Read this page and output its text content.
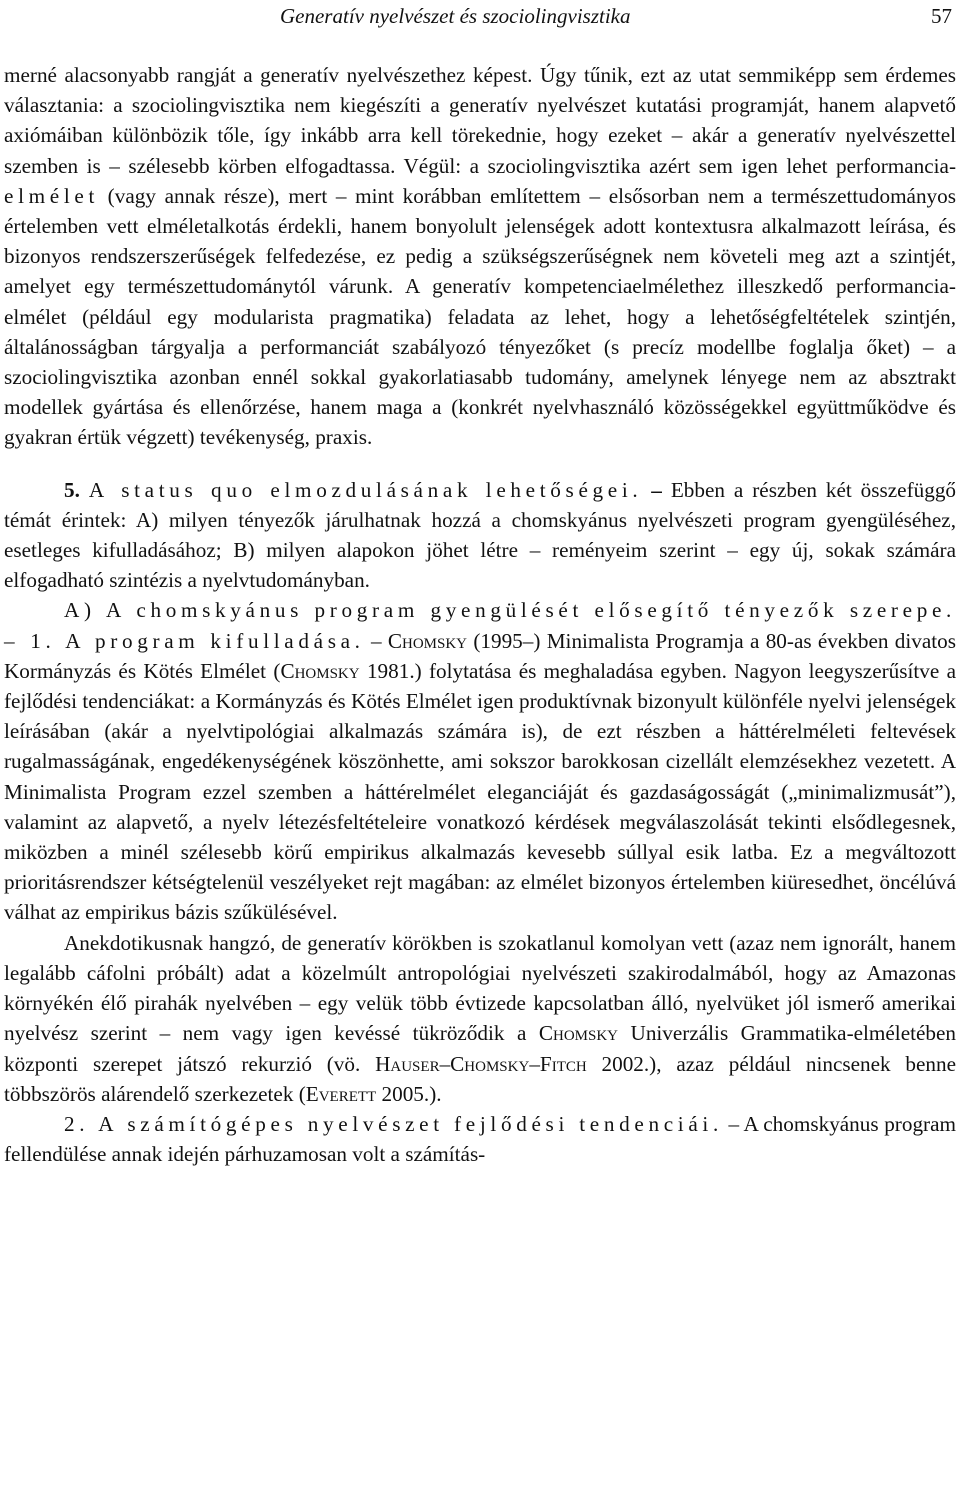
Generatív nyelvészet és szociolingvisztika	57

merné alacsonyabb rangját a generatív nyelvészethez képest. Úgy tűnik, ezt az utat semmiképp sem érdemes választania: a szociolingvisztika nem kiegészíti a generatív nyelvészet kutatási programját, hanem alapvető axiómáiban különbözik tőle, így inkább arra kell törekednie, hogy ezeket – akár a generatív nyelvészettel szemben is – szélesebb körben elfogadtassa. Végül: a szociolingvisztika azért sem igen lehet performancia-elmélet (vagy annak része), mert – mint korábban említettem – elsősorban nem a természettudományos értelemben vett elméletalkotás érdekli, hanem bonyolult jelenségek adott kontextusra alkalmazott leírása, és bizonyos rendszerszerűségek felfedezése, ez pedig a szükségszerűségnek nem követeli meg azt a szintjét, amelyet egy természettudománytól várunk. A generatív kompetenciaelmélethez illeszkedő performancia-elmélet (például egy modularista pragmatika) feladata az lehet, hogy a lehetőségfeltételek szintjén, általánosságban tárgyalja a performanciát szabályozó tényezőket (s precíz modellbe foglalja őket) – a szociolingvisztika azonban ennél sokkal gyakorlatiasabb tudomány, amelynek lényege nem az absztrakt modellek gyártása és ellenőrzése, hanem maga a (konkrét nyelvhasználó közösségekkel együttműködve és gyakran értük végzett) tevékenység, praxis.

5. A status quo elmozdulásának lehetőségei. – Ebben a részben két összefüggő témát érintek: A) milyen tényezők járulhatnak hozzá a chomskyánus nyelvészeti program gyengüléséhez, esetleges kifulladásához; B) milyen alapokon jöhet létre – reményeim szerint – egy új, sokak számára elfogadható szintézis a nyelvtudományban.

A) A chomskyánus program gyengülését elősegítő tényezők szerepe. – 1. A program kifulladása. – Chomsky (1995–) Minimalista Programja a 80-as években divatos Kormányzás és Kötés Elmélet (Chomsky 1981.) folytatása és meghaladása egyben. Nagyon leegyszerűsítve a fejlődési tendenciákat: a Kormányzás és Kötés Elmélet igen produktívnak bizonyult különféle nyelvi jelenségek leírásában (akár a nyelvtipológiai alkalmazás számára is), de ezt részben a háttérelméleti feltevések rugalmasságának, engedékenységének köszönhette, ami sokszor barokkosan cizellált elemzésekhez vezetett. A Minimalista Program ezzel szemben a háttérelmélet eleganciáját és gazdaságosságát („minimalizmusát”), valamint az alapvető, a nyelv létezésfeltételeire vonatkozó kérdések megválaszolását tekinti elsődlegesnek, miközben a minél szélesebb körű empirikus alkalmazás kevesebb súllyal esik latba. Ez a megváltozott prioritásrendszer kétségtelenül veszélyeket rejt magában: az elmélet bizonyos értelemben kiüresedhet, öncélúvá válhat az empirikus bázis szűkülésével.

Anekdotikusnak hangzó, de generatív körökben is szokatlanul komolyan vett (azaz nem ignorált, hanem legalább cáfolni próbált) adat a közelmúlt antropológiai nyelvészeti szakirodalmából, hogy az Amazonas környékén élő pirahák nyelvében – egy velük több évtizede kapcsolatban álló, nyelvüket jól ismerő amerikai nyelvész szerint – nem vagy igen kevéssé tükröződik a Chomsky Univerzális Grammatika-elméletében központi szerepet játszó rekurzió (vö. Hauser–Chomsky–Fitch 2002.), azaz például nincsenek benne többszörös alárendelő szerkezetek (Everett 2005.).

2. A számítógépes nyelvészet fejlődési tendenciái. – A chomskyánus program fellendülése annak idején párhuzamosan volt a számítás-
